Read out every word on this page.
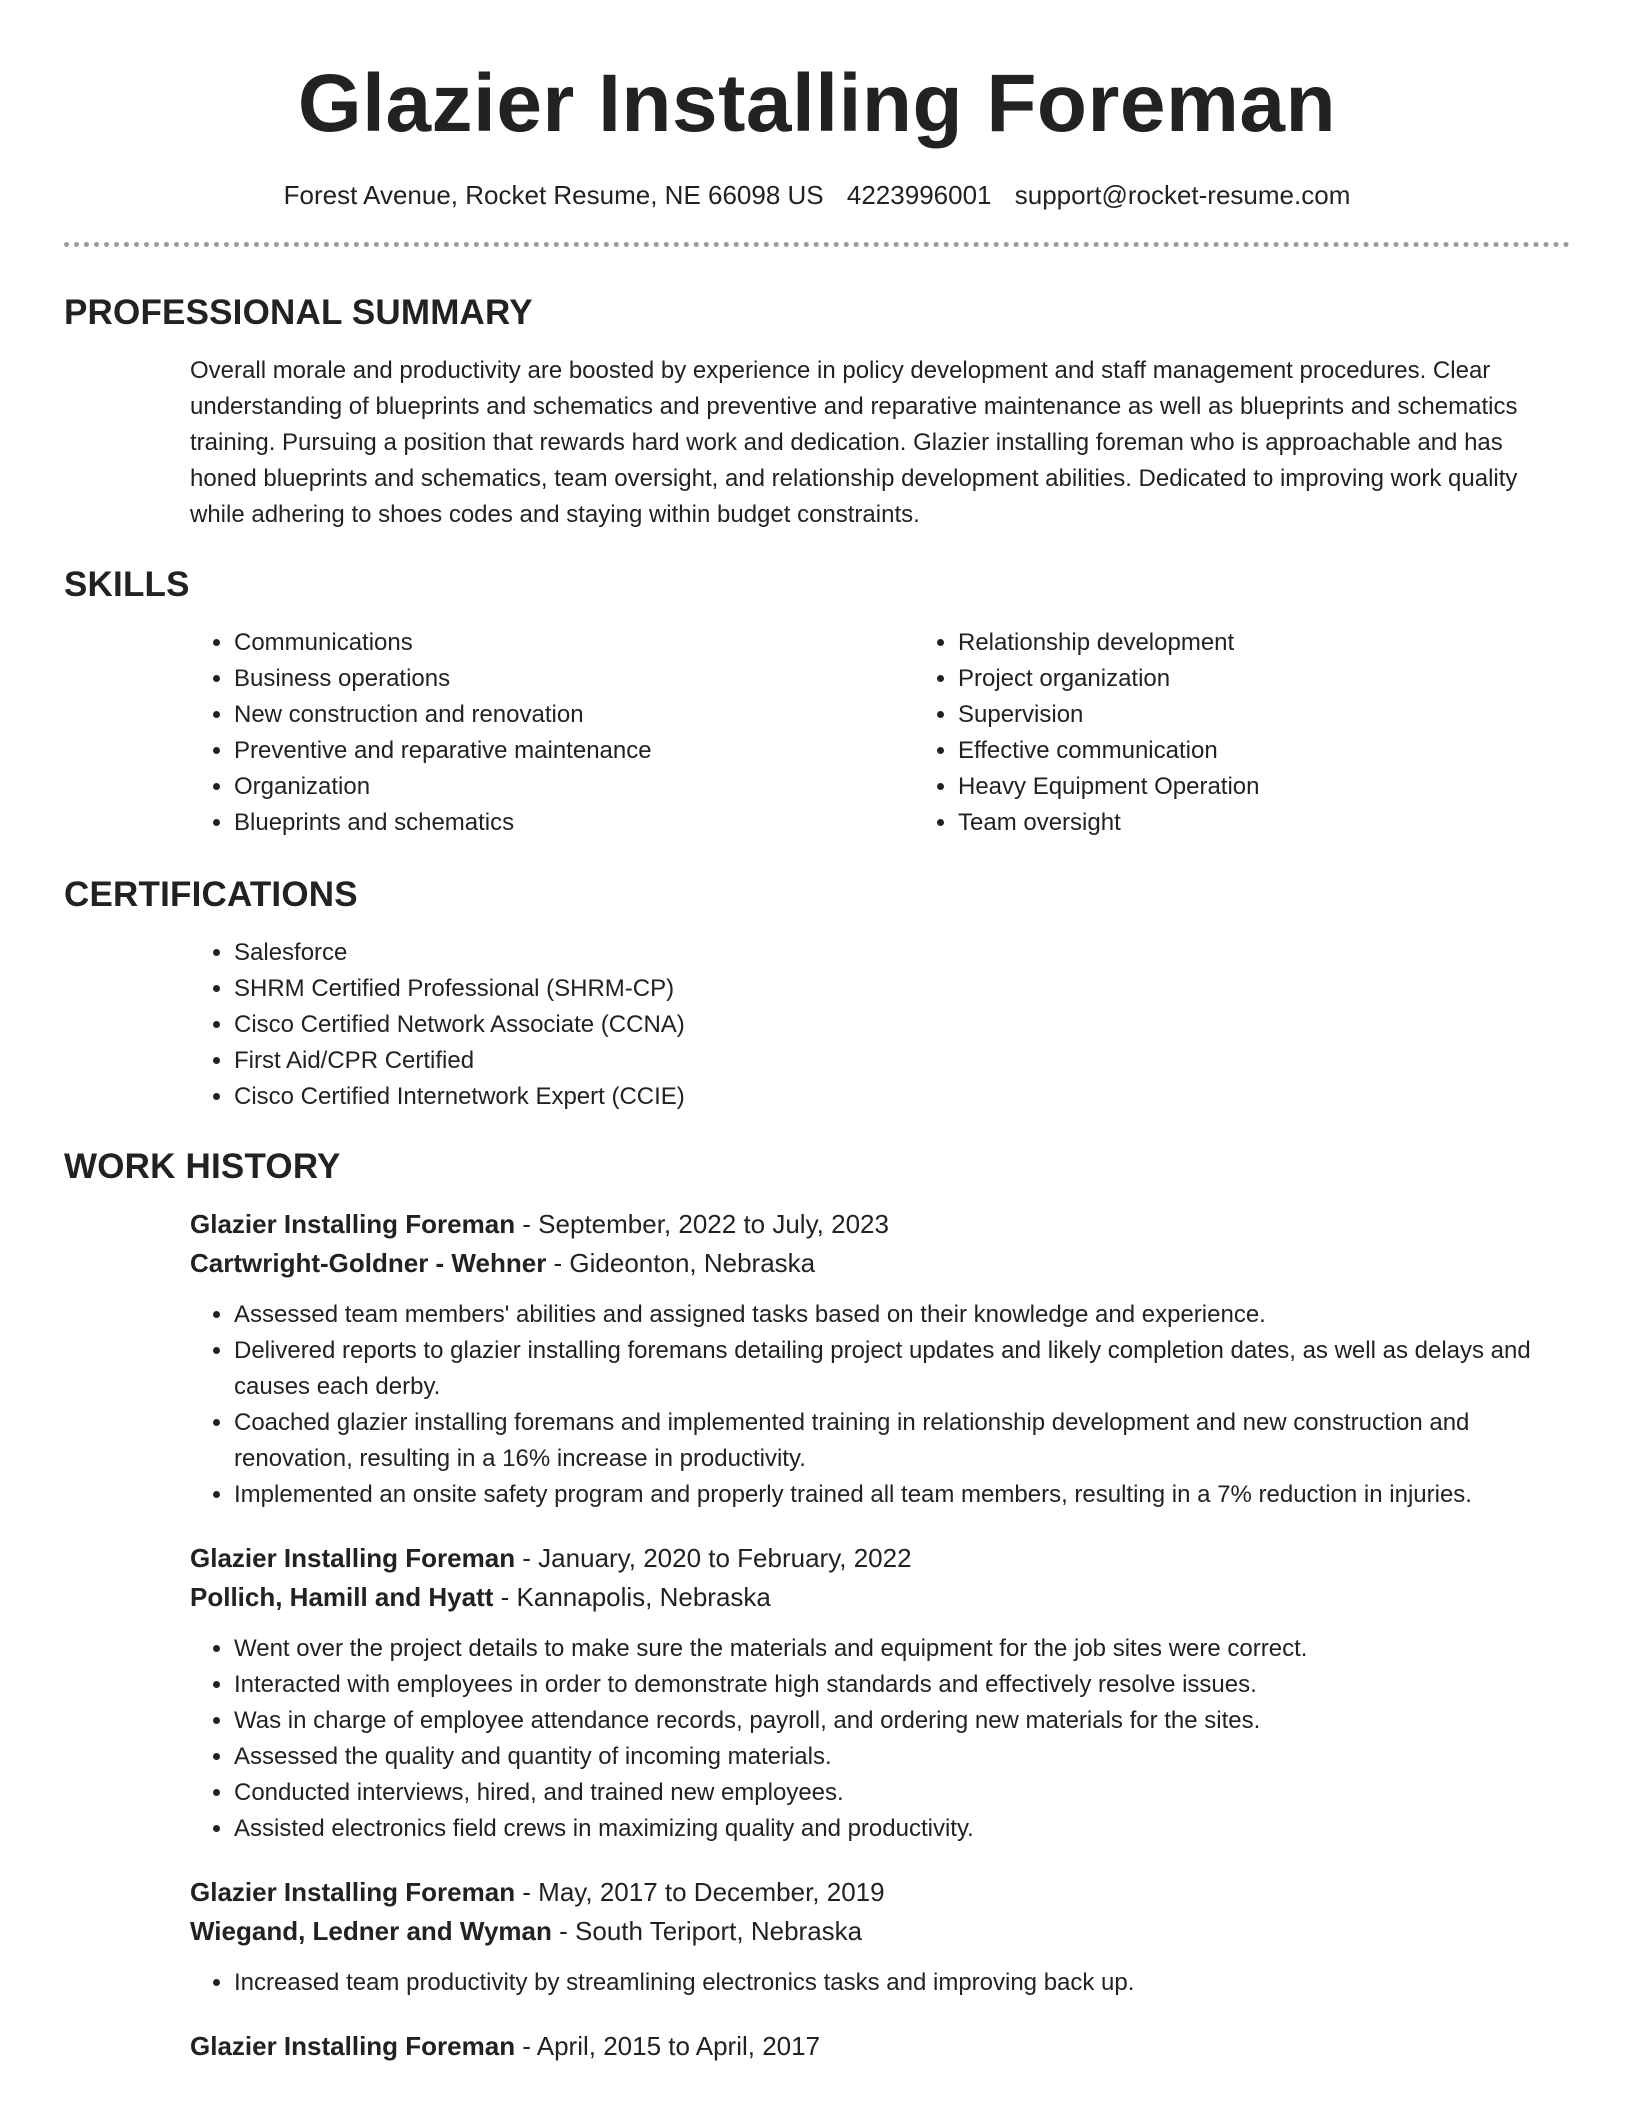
Glazier Installing Foreman
Forest Avenue, Rocket Resume, NE 66098 US 4223996001 support@rocket-resume.com
PROFESSIONAL SUMMARY

Overall morale and productivity are boosted by experience in policy development and staff management procedures. Clear understanding of blueprints and schematics and preventive and reparative maintenance as well as blueprints and schematics training. Pursuing a position that rewards hard work and dedication. Glazier installing foreman who is approachable and has honed blueprints and schematics, team oversight, and relationship development abilities. Dedicated to improving work quality while adhering to shoes codes and staying within budget constraints.

SKILLS
• Communications
• Business operations
• New construction and renovation
• Preventive and reparative maintenance
• Organization
• Blueprints and schematics
• Relationship development
• Project organization
• Supervision
• Effective communication
• Heavy Equipment Operation
• Team oversight
CERTIFICATIONS
• Salesforce
• SHRM Certified Professional (SHRM-CP)
• Cisco Certified Network Associate (CCNA)
• First Aid/CPR Certified
• Cisco Certified Internetwork Expert (CCIE)
WORK HISTORY
Glazier Installing Foreman - September, 2022 to July, 2023
Cartwright-Goldner - Wehner - Gideonton, Nebraska
• Assessed team members' abilities and assigned tasks based on their knowledge and experience.
• Delivered reports to glazier installing foremans detailing project updates and likely completion dates, as well as delays and causes each derby.
• Coached glazier installing foremans and implemented training in relationship development and new construction and renovation, resulting in a 16% increase in productivity.
• Implemented an onsite safety program and properly trained all team members, resulting in a 7% reduction in injuries.
Glazier Installing Foreman - January, 2020 to February, 2022
Pollich, Hamill and Hyatt - Kannapolis, Nebraska
• Went over the project details to make sure the materials and equipment for the job sites were correct.
• Interacted with employees in order to demonstrate high standards and effectively resolve issues.
• Was in charge of employee attendance records, payroll, and ordering new materials for the sites.
• Assessed the quality and quantity of incoming materials.
• Conducted interviews, hired, and trained new employees.
• Assisted electronics field crews in maximizing quality and productivity.
Glazier Installing Foreman - May, 2017 to December, 2019
Wiegand, Ledner and Wyman - South Teriport, Nebraska
• Increased team productivity by streamlining electronics tasks and improving back up.
Glazier Installing Foreman - April, 2015 to April, 2017
